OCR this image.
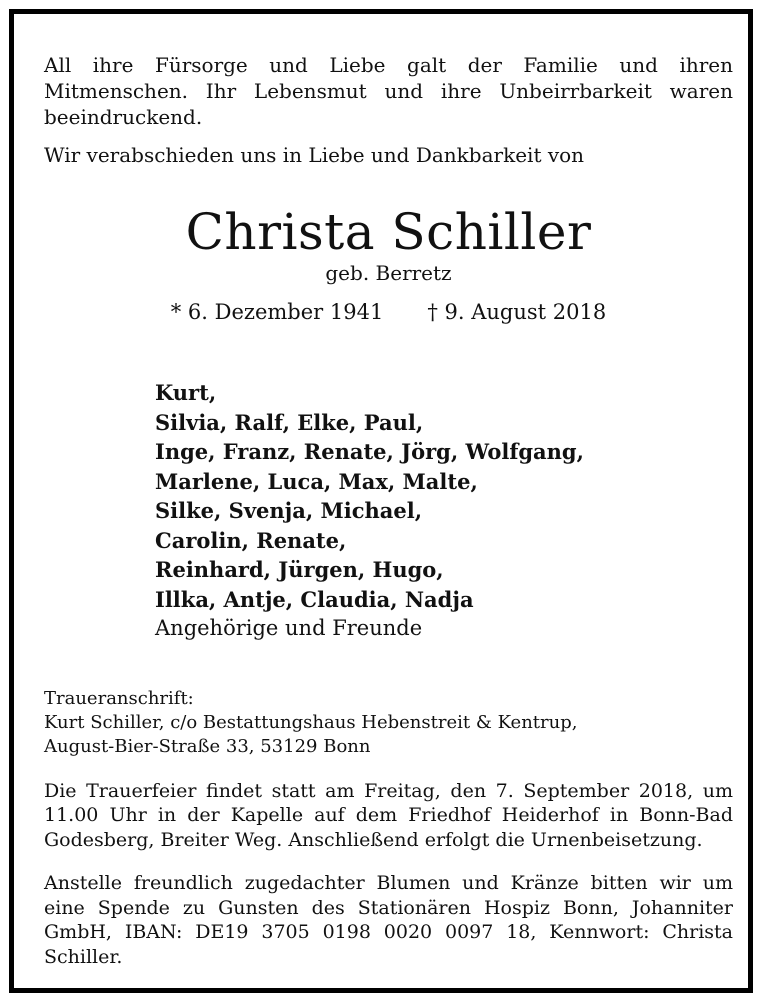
All ihre Fürsorge und Liebe galt der Familie und ihren Mitmenschen. Ihr Lebensmut und ihre Unbeirrbarkeit waren beeindruckend.

Wir verabschieden uns in Liebe und Dankbarkeit von

Christa Schiller
geb. Berretz
* 6. Dezember 1941 † 9. August 2018
Kurt,
Silvia, Ralf, Elke, Paul,
Inge, Franz, Renate, Jörg, Wolfgang,
Marlene, Luca, Max, Malte,
Silke, Svenja, Michael,
Carolin, Renate,
Reinhard, Jürgen, Hugo,
Illka, Antje, Claudia, Nadja
Angehörige und Freunde
Traueranschrift:
Kurt Schiller, c/o Bestattungshaus Hebenstreit & Kentrup,
August-Bier-Straße 33, 53129 Bonn

Die Trauerfeier findet statt am Freitag, den 7. September 2018, um 11.00 Uhr in der Kapelle auf dem Friedhof Heiderhof in Bonn-Bad Godesberg, Breiter Weg. Anschließend erfolgt die Urnenbeisetzung.

Anstelle freundlich zugedachter Blumen und Kränze bitten wir um eine Spende zu Gunsten des Stationären Hospiz Bonn, Johanniter GmbH, IBAN: DE19 3705 0198 0020 0097 18, Kennwort: Christa Schiller.
